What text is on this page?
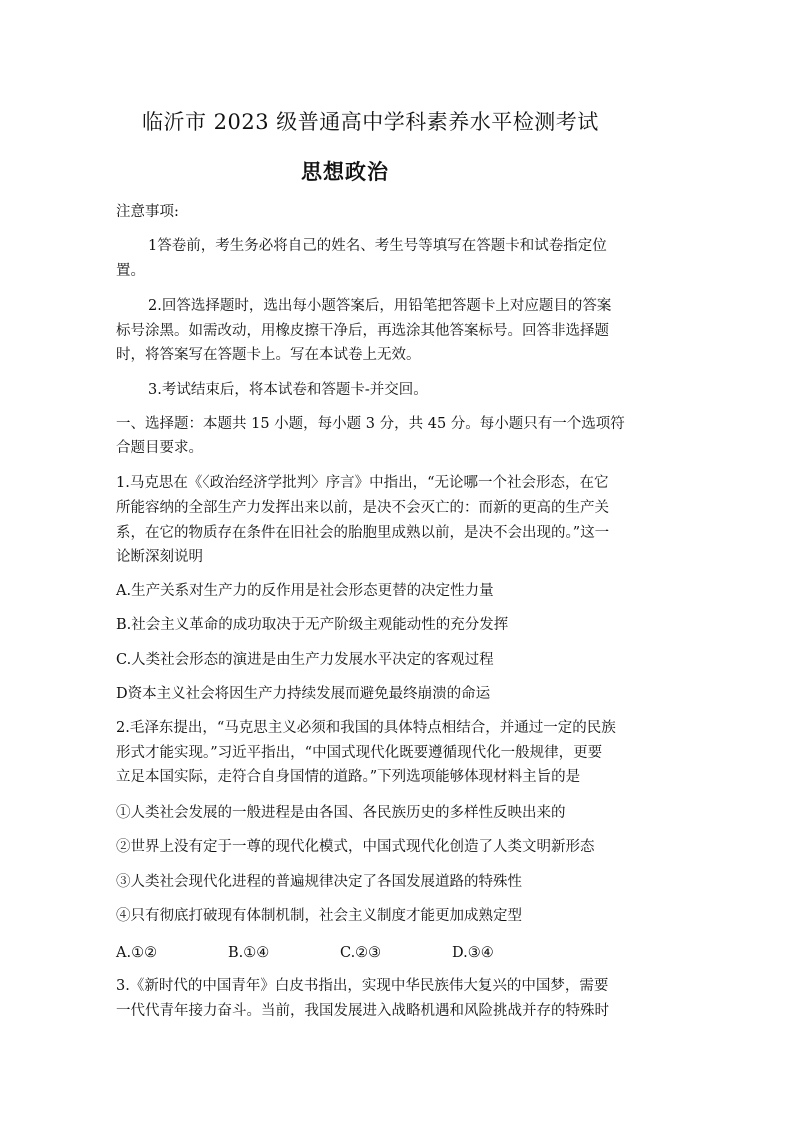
临沂市 2023 级普通高中学科素养水平检测考试
思想政治
注意事项:
1答卷前，考生务必将自己的姓名、考生号等填写在答题卡和试卷指定位
置。
2.回答选择题时，选出每小题答案后，用铅笔把答题卡上对应题目的答案
标号涂黑。如需改动，用橡皮擦干净后，再选涂其他答案标号。回答非选择题
时，将答案写在答题卡上。写在本试卷上无效。
3.考试结束后，将本试卷和答题卡-并交回。
一、选择题：本题共 15 小题，每小题 3 分，共 45 分。每小题只有一个选项符
合题目要求。
1.马克思在《〈政治经济学批判〉序言》中指出，“无论哪一个社会形态，在它
所能容纳的全部生产力发挥出来以前，是决不会灭亡的：而新的更高的生产关
系，在它的物质存在条件在旧社会的胎胞里成熟以前，是决不会出现的。”这一
论断深刻说明
A.生产关系对生产力的反作用是社会形态更替的决定性力量
B.社会主义革命的成功取决于无产阶级主观能动性的充分发挥
C.人类社会形态的演进是由生产力发展水平决定的客观过程
D资本主义社会将因生产力持续发展而避免最终崩溃的命运
2.毛泽东提出，“马克思主义必须和我国的具体特点相结合，并通过一定的民族
形式才能实现。”习近平指出，“中国式现代化既要遵循现代化一般规律，更要
立足本国实际，走符合自身国情的道路。”下列选项能够体现材料主旨的是
①人类社会发展的一般进程是由各国、各民族历史的多样性反映出来的
②世界上没有定于一尊的现代化模式，中国式现代化创造了人类文明新形态
③人类社会现代化进程的普遍规律决定了各国发展道路的特殊性
④只有彻底打破现有体制机制，社会主义制度才能更加成熟定型
A.①②	B.①④	C.②③	D.③④
3.《新时代的中国青年》白皮书指出，实现中华民族伟大复兴的中国梦，需要
一代代青年接力奋斗。当前，我国发展进入战略机遇和风险挑战并存的特殊时
